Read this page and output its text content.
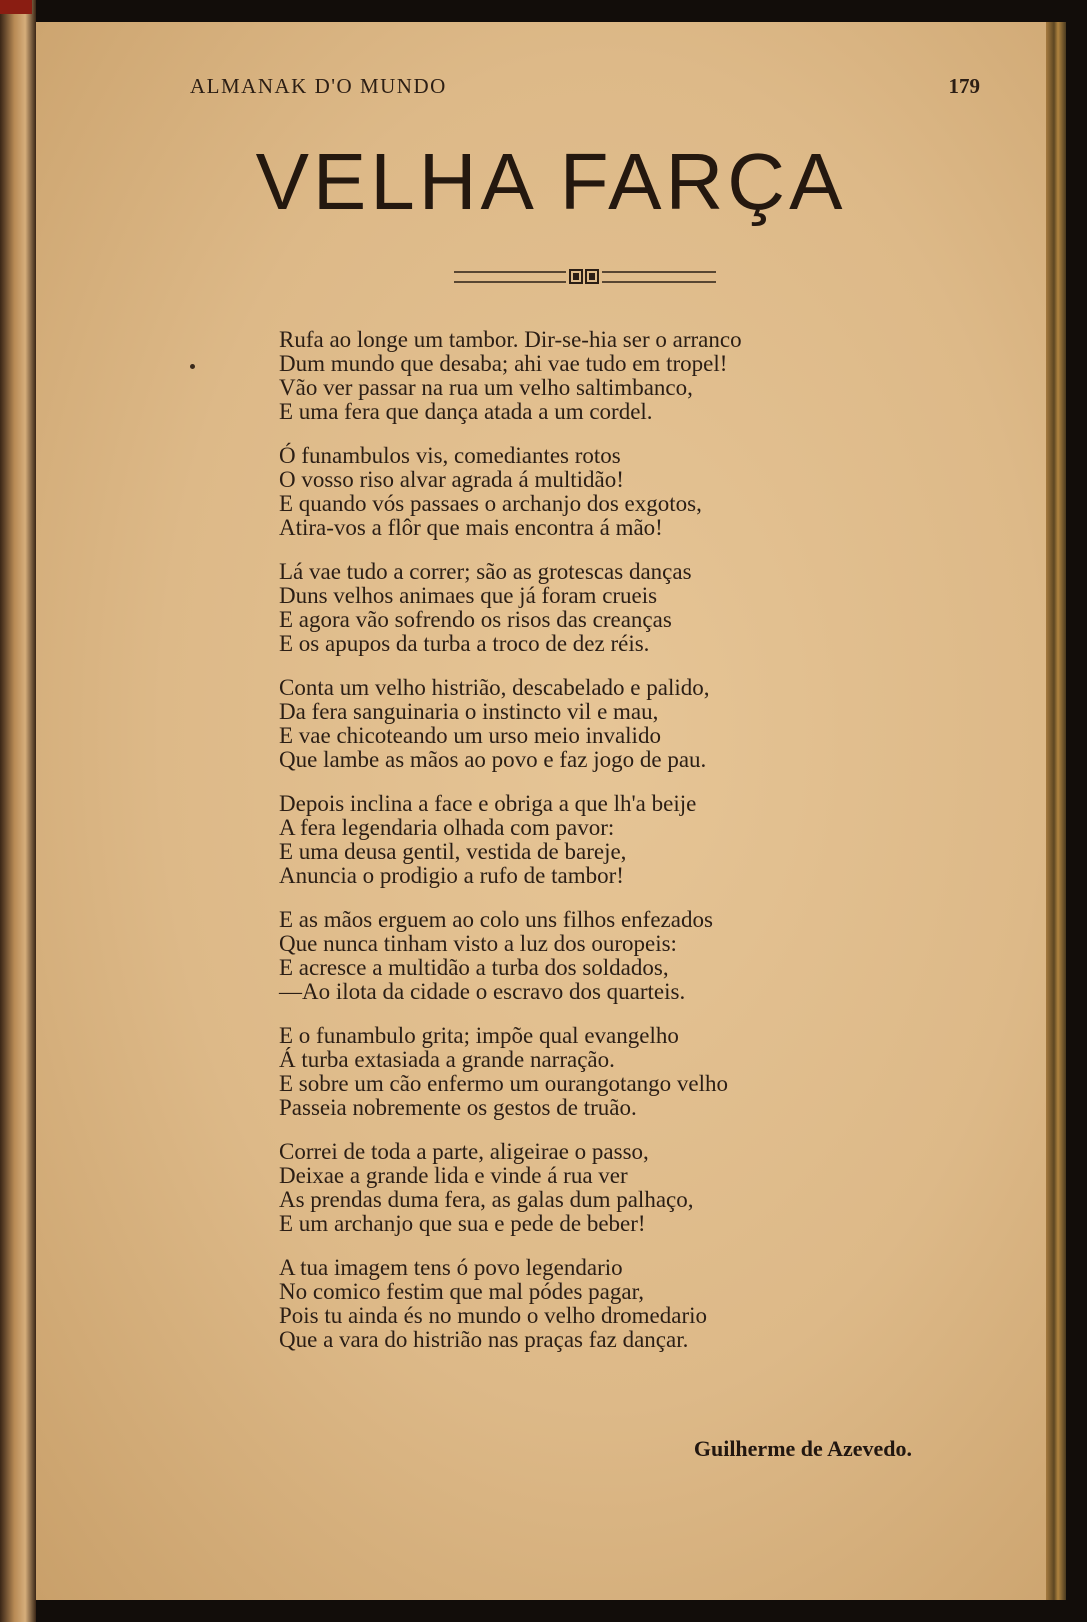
ALMANAK D'O MUNDO	179
VELHA FARÇA
Rufa ao longe um tambor. Dir-se-hia ser o arranco
Dum mundo que desaba; ahi vae tudo em tropel!
Vão ver passar na rua um velho saltimbanco,
E uma fera que dança atada a um cordel.
Ó funambulos vis, comediantes rotos
O vosso riso alvar agrada á multidão!
E quando vós passaes o archanjo dos exgotos,
Atira-vos a flôr que mais encontra á mão!
Lá vae tudo a correr; são as grotescas danças
Duns velhos animaes que já foram crueis
E agora vão sofrendo os risos das creanças
E os apupos da turba a troco de dez réis.
Conta um velho histrião, descabelado e palido,
Da fera sanguinaria o instincto vil e mau,
E vae chicoteando um urso meio invalido
Que lambe as mãos ao povo e faz jogo de pau.
Depois inclina a face e obriga a que lh'a beije
A fera legendaria olhada com pavor:
E uma deusa gentil, vestida de bareje,
Anuncia o prodigio a rufo de tambor!
E as mãos erguem ao colo uns filhos enfezados
Que nunca tinham visto a luz dos ouropeis:
E acresce a multidão a turba dos soldados,
—Ao ilota da cidade o escravo dos quarteis.
E o funambulo grita; impõe qual evangelho
Á turba extasiada a grande narração.
E sobre um cão enfermo um ourangotango velho
Passeia nobremente os gestos de truão.
Correi de toda a parte, aligeirae o passo,
Deixae a grande lida e vinde á rua ver
As prendas duma fera, as galas dum palhaço,
E um archanjo que sua e pede de beber!
A tua imagem tens ó povo legendario
No comico festim que mal pódes pagar,
Pois tu ainda és no mundo o velho dromedario
Que a vara do histrião nas praças faz dançar.
Guilherme de Azevedo.
